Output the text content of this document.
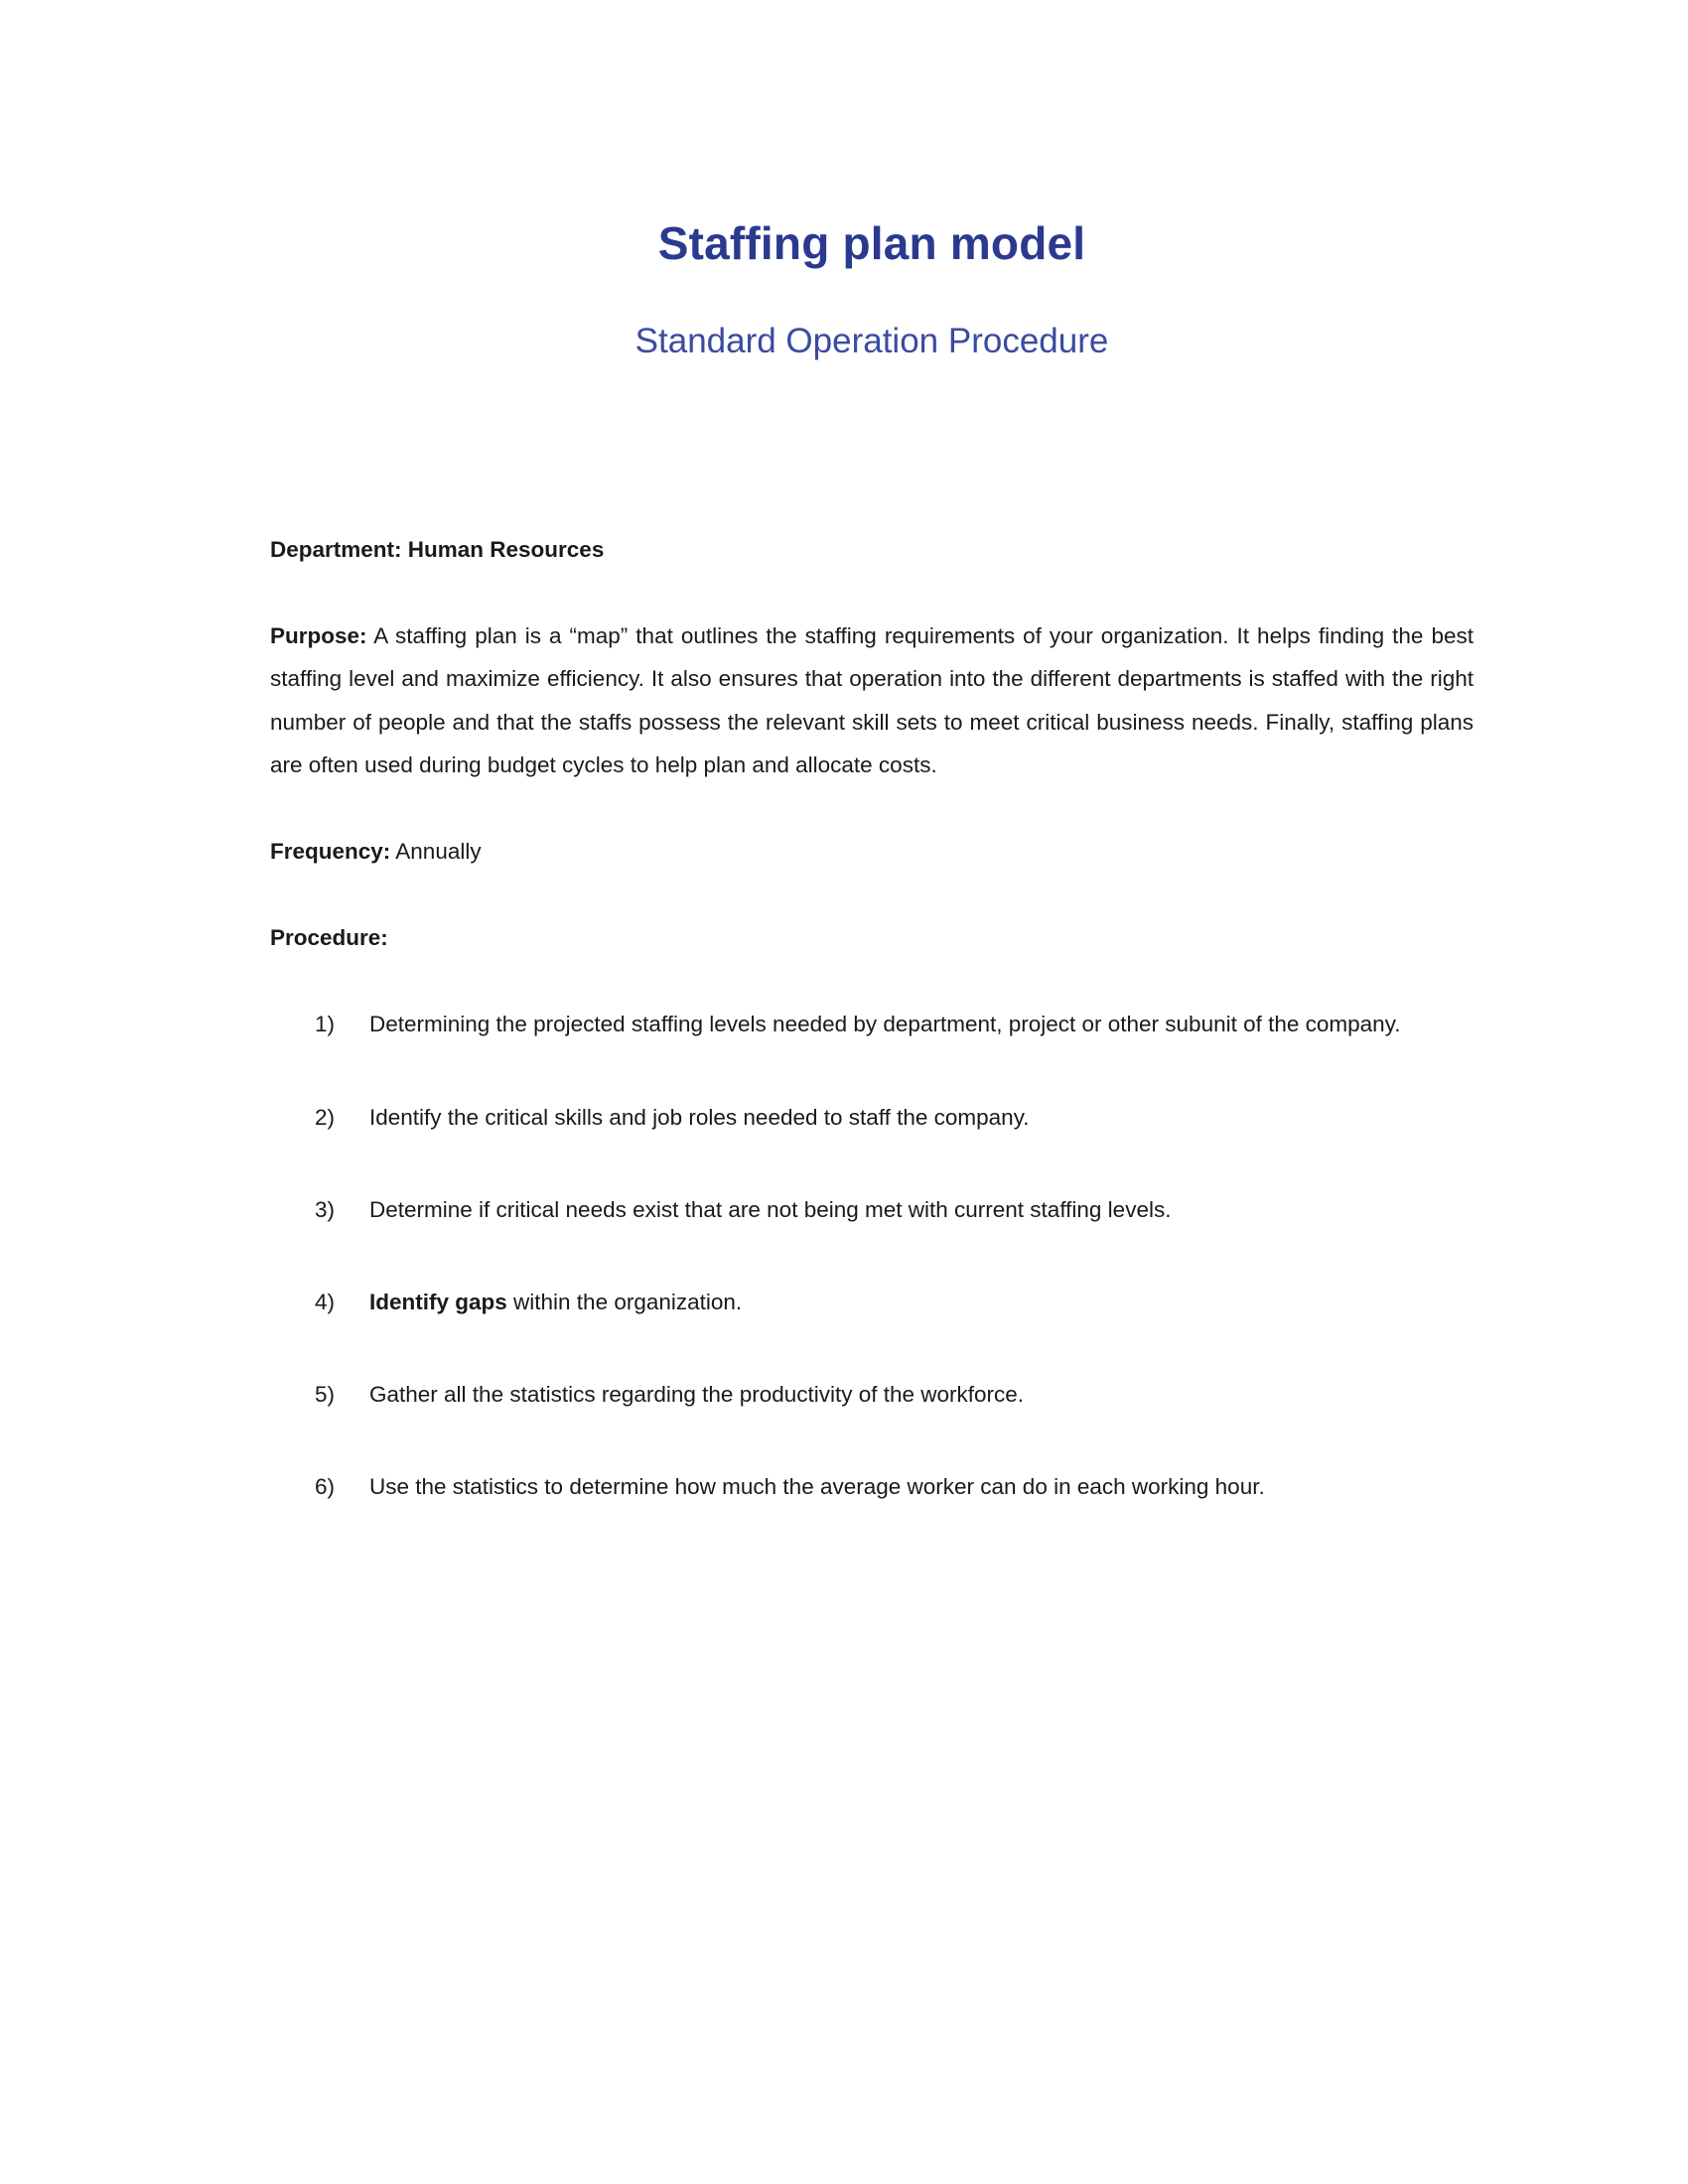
Staffing plan model
Standard Operation Procedure

Department: Human Resources

Purpose: A staffing plan is a “map” that outlines the staffing requirements of your organization. It helps finding the best staffing level and maximize efficiency. It also ensures that operation into the different departments is staffed with the right number of people and that the staffs possess the relevant skill sets to meet critical business needs. Finally, staffing plans are often used during budget cycles to help plan and allocate costs.

Frequency: Annually

Procedure:

1)	Determining the projected staffing levels needed by department, project or other subunit of the company.
2)	Identify the critical skills and job roles needed to staff the company.
3)	Determine if critical needs exist that are not being met with current staffing levels.
4)	Identify gaps within the organization.
5)	Gather all the statistics regarding the productivity of the workforce.
6)	Use the statistics to determine how much the average worker can do in each working hour.
